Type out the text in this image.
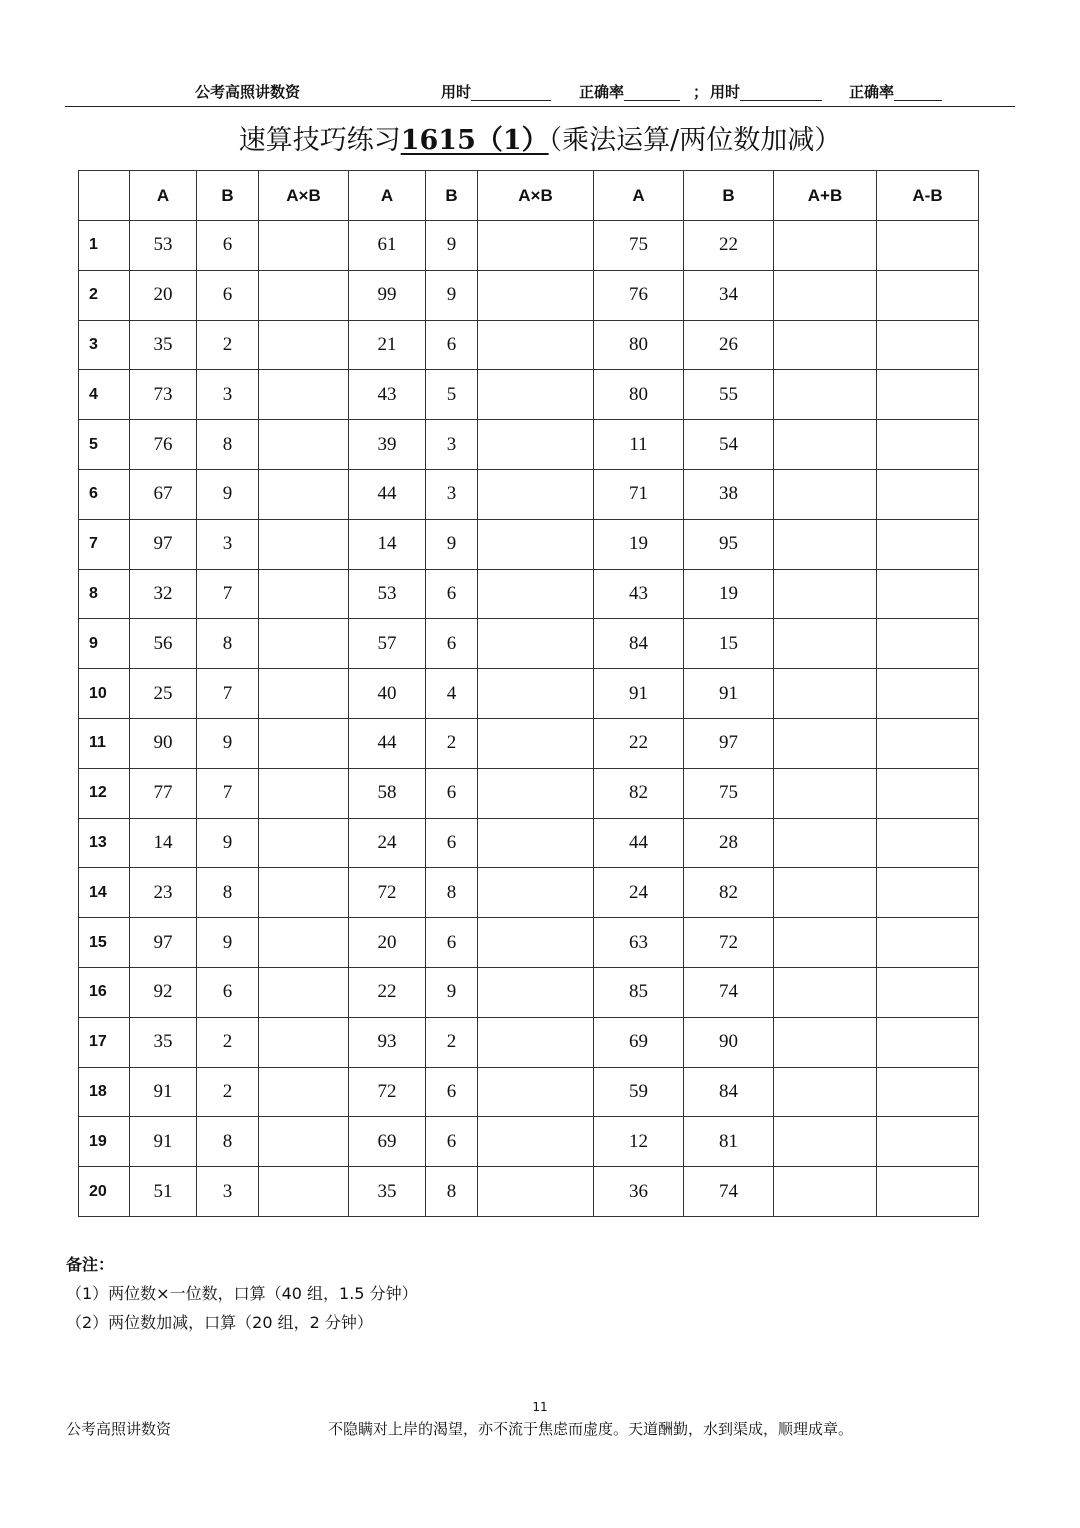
公考高照讲数资	用时	正确率	； 用时	正确率
速算技巧练习1615（1）（乘法运算/两位数加减）
	A	B	A×B	A	B	A×B	A	B	A+B	A-B
1	53	6		61	9		75	22		
2	20	6		99	9		76	34		
3	35	2		21	6		80	26		
4	73	3		43	5		80	55		
5	76	8		39	3		11	54		
6	67	9		44	3		71	38		
7	97	3		14	9		19	95		
8	32	7		53	6		43	19		
9	56	8		57	6		84	15		
10	25	7		40	4		91	91		
11	90	9		44	2		22	97		
12	77	7		58	6		82	75		
13	14	9		24	6		44	28		
14	23	8		72	8		24	82		
15	97	9		20	6		63	72		
16	92	6		22	9		85	74		
17	35	2		93	2		69	90		
18	91	2		72	6		59	84		
19	91	8		69	6		12	81		
20	51	3		35	8		36	74		
备注：
（1）两位数×一位数，口算（40 组，1.5 分钟）
（2）两位数加减，口算（20 组，2 分钟）
11
公考高照讲数资	不隐瞒对上岸的渴望，亦不流于焦虑而虚度。天道酬勤，水到渠成，顺理成章。
